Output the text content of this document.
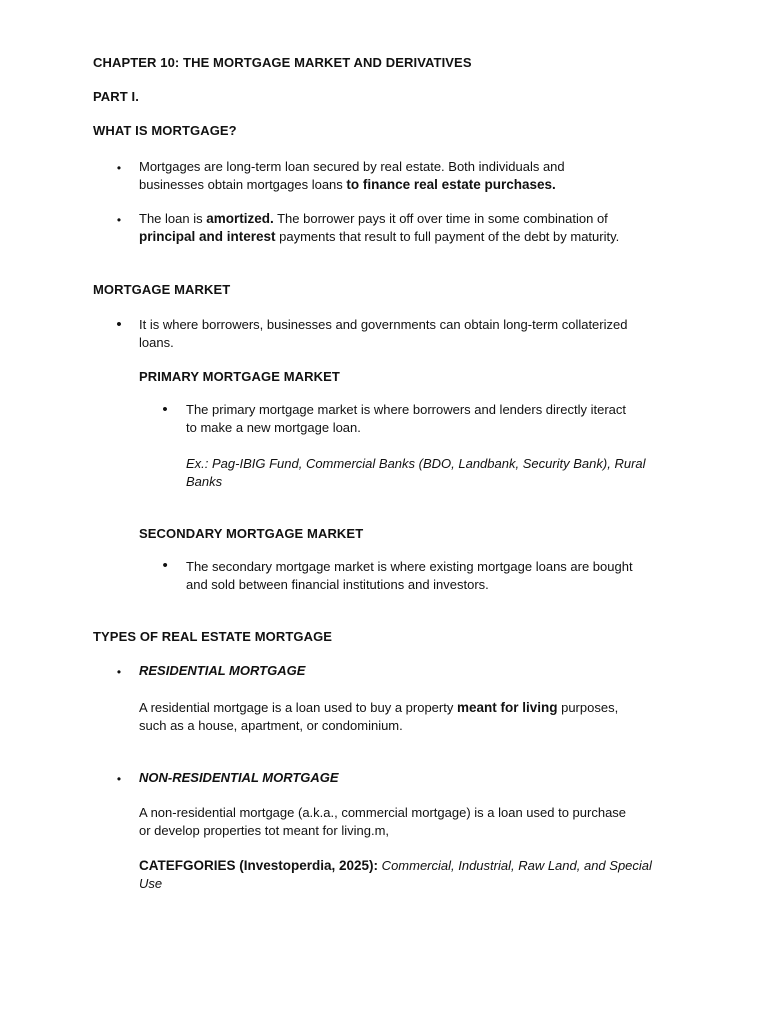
CHAPTER 10: THE MORTGAGE MARKET AND DERIVATIVES
PART I.
WHAT IS MORTGAGE?
•	Mortgages are long-term loan secured by real estate. Both individuals and
businesses obtain mortgages loans to finance real estate purchases.
•	The loan is amortized. The borrower pays it off over time in some combination of
principal and interest payments that result to full payment of the debt by maturity.
MORTGAGE MARKET
• It is where borrowers, businesses and governments can obtain long-term collaterized
loans.
PRIMARY MORTGAGE MARKET
• The primary mortgage market is where borrowers and lenders directly iteract
to make a new mortgage loan.
Ex.: Pag-IBIG Fund, Commercial Banks (BDO, Landbank, Security Bank), Rural
Banks
SECONDARY MORTGAGE MARKET
• The secondary mortgage market is where existing mortgage loans are bought
and sold between financial institutions and investors.
TYPES OF REAL ESTATE MORTGAGE
•	RESIDENTIAL MORTGAGE
A residential mortgage is a loan used to buy a property meant for living purposes,
such as a house, apartment, or condominium.
•	NON-RESIDENTIAL MORTGAGE
A non-residential mortgage (a.k.a., commercial mortgage) is a loan used to purchase
or develop properties tot meant for living.m,
CATEFGORIES (Investoperdia, 2025): Commercial, Industrial, Raw Land, and Special
Use
